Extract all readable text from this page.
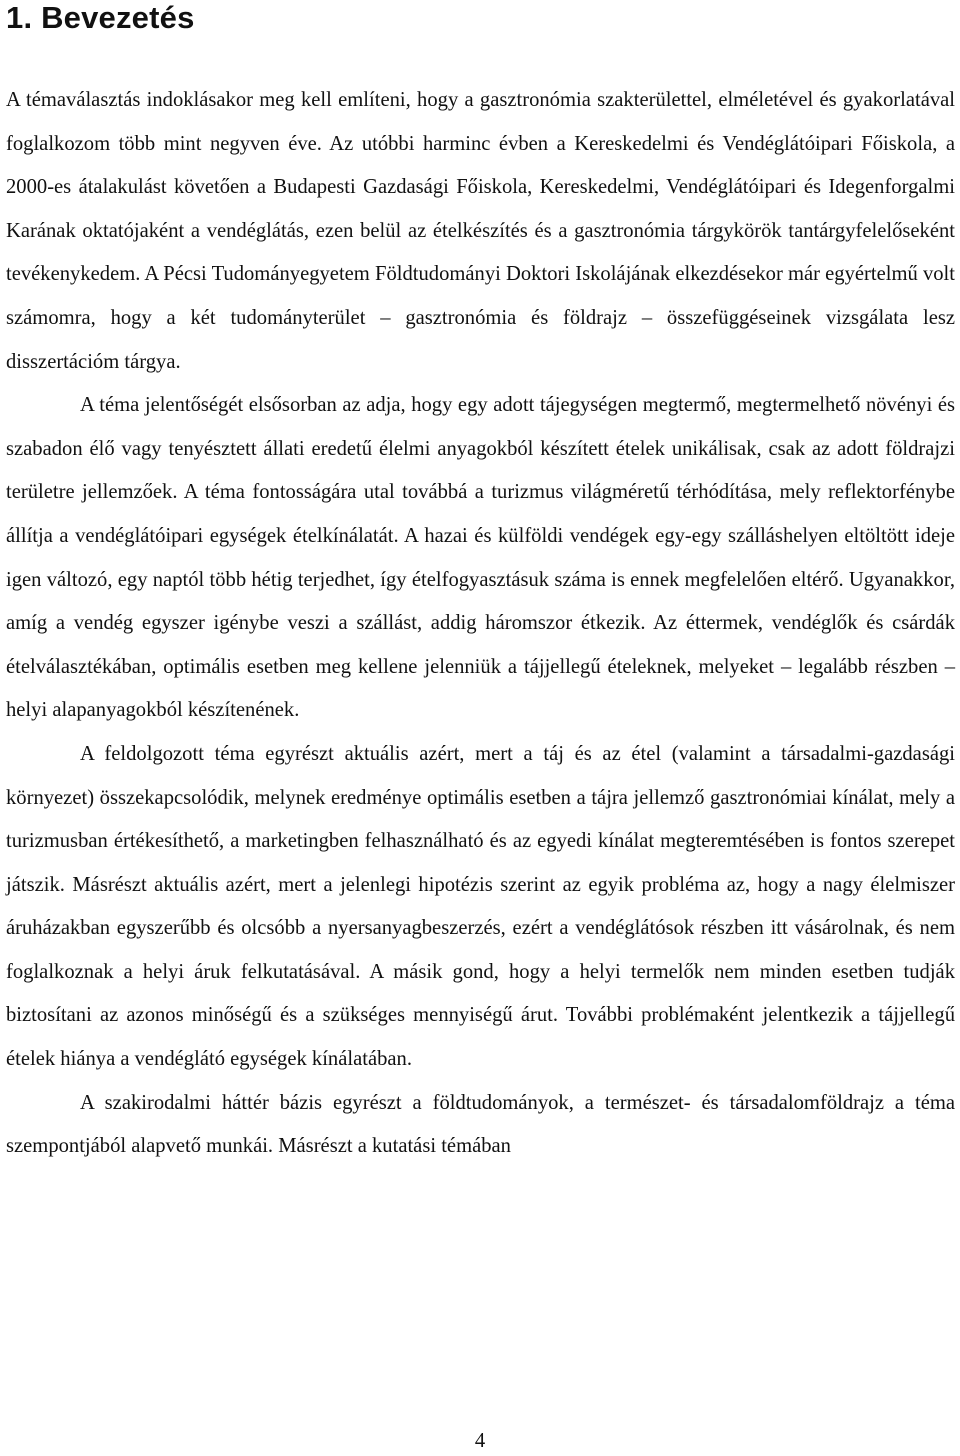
1. Bevezetés

A témaválasztás indoklásakor meg kell említeni, hogy a gasztronómia szakterülettel, elméletével és gyakorlatával foglalkozom több mint negyven éve. Az utóbbi harminc évben a Kereskedelmi és Vendéglátóipari Főiskola, a 2000-es átalakulást követően a Budapesti Gazdasági Főiskola, Kereskedelmi, Vendéglátóipari és Idegenforgalmi Karának oktatójaként a vendéglátás, ezen belül az ételkészítés és a gasztronómia tárgykörök tantárgyfelelőseként tevékenykedem. A Pécsi Tudományegyetem Földtudományi Doktori Iskolájának elkezdésekor már egyértelmű volt számomra, hogy a két tudományterület – gasztronómia és földrajz – összefüggéseinek vizsgálata lesz disszertációm tárgya.

A téma jelentőségét elsősorban az adja, hogy egy adott tájegységen megtermő, megtermelhető növényi és szabadon élő vagy tenyésztett állati eredetű élelmi anyagokból készített ételek unikálisak, csak az adott földrajzi területre jellemzőek. A téma fontosságára utal továbbá a turizmus világméretű térhódítása, mely reflektorfénybe állítja a vendéglátóipari egységek ételkínálatát. A hazai és külföldi vendégek egy-egy szálláshelyen eltöltött ideje igen változó, egy naptól több hétig terjedhet, így ételfogyasztásuk száma is ennek megfelelően eltérő. Ugyanakkor, amíg a vendég egyszer igénybe veszi a szállást, addig háromszor étkezik. Az éttermek, vendéglők és csárdák ételválasztékában, optimális esetben meg kellene jelenniük a tájjellegű ételeknek, melyeket – legalább részben – helyi alapanyagokból készítenének.

A feldolgozott téma egyrészt aktuális azért, mert a táj és az étel (valamint a társadalmi-gazdasági környezet) összekapcsolódik, melynek eredménye optimális esetben a tájra jellemző gasztronómiai kínálat, mely a turizmusban értékesíthető, a marketingben felhasználható és az egyedi kínálat megteremtésében is fontos szerepet játszik. Másrészt aktuális azért, mert a jelenlegi hipotézis szerint az egyik probléma az, hogy a nagy élelmiszer áruházakban egyszerűbb és olcsóbb a nyersanyagbeszerzés, ezért a vendéglátósok részben itt vásárolnak, és nem foglalkoznak a helyi áruk felkutatásával. A másik gond, hogy a helyi termelők nem minden esetben tudják biztosítani az azonos minőségű és a szükséges mennyiségű árut. További problémaként jelentkezik a tájjellegű ételek hiánya a vendéglátó egységek kínálatában.

A szakirodalmi háttér bázis egyrészt a földtudományok, a természet- és társadalomföldrajz a téma szempontjából alapvető munkái. Másrészt a kutatási témában

4
